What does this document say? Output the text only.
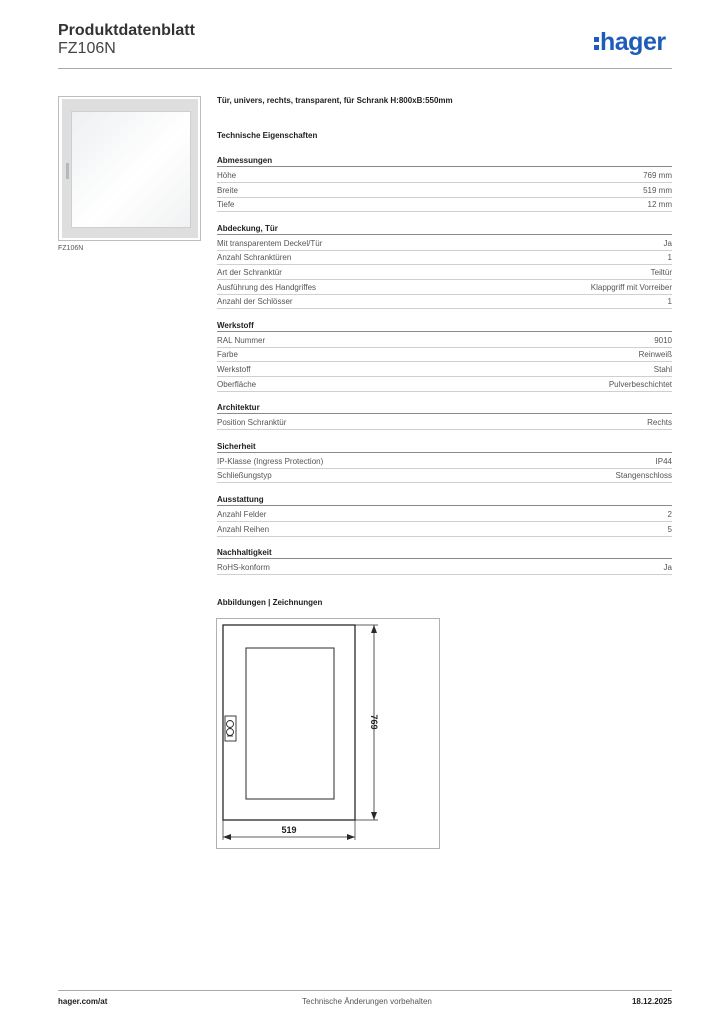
Produktdatenblatt
FZ106N	hager
FZ106N
Tür, univers, rechts, transparent, für Schrank H:800xB:550mm
Technische Eigenschaften
Abmessungen
Höhe	769 mm
Breite	519 mm
Tiefe	12 mm
Abdeckung, Tür
Mit transparentem Deckel/Tür	Ja
Anzahl Schranktüren	1
Art der Schranktür	Teiltür
Ausführung des Handgriffes	Klappgriff mit Vorreiber
Anzahl der Schlösser	1
Werkstoff
RAL Nummer	9010
Farbe	Reinweiß
Werkstoff	Stahl
Oberfläche	Pulverbeschichtet
Architektur
Position Schranktür	Rechts
Sicherheit
IP-Klasse (Ingress Protection)	IP44
Schließungstyp	Stangenschloss
Ausstattung
Anzahl Felder	2
Anzahl Reihen	5
Nachhaltigkeit
RoHS-konform	Ja
Abbildungen | Zeichnungen
769
519
hager.com/at	Technische Änderungen vorbehalten	18.12.2025
